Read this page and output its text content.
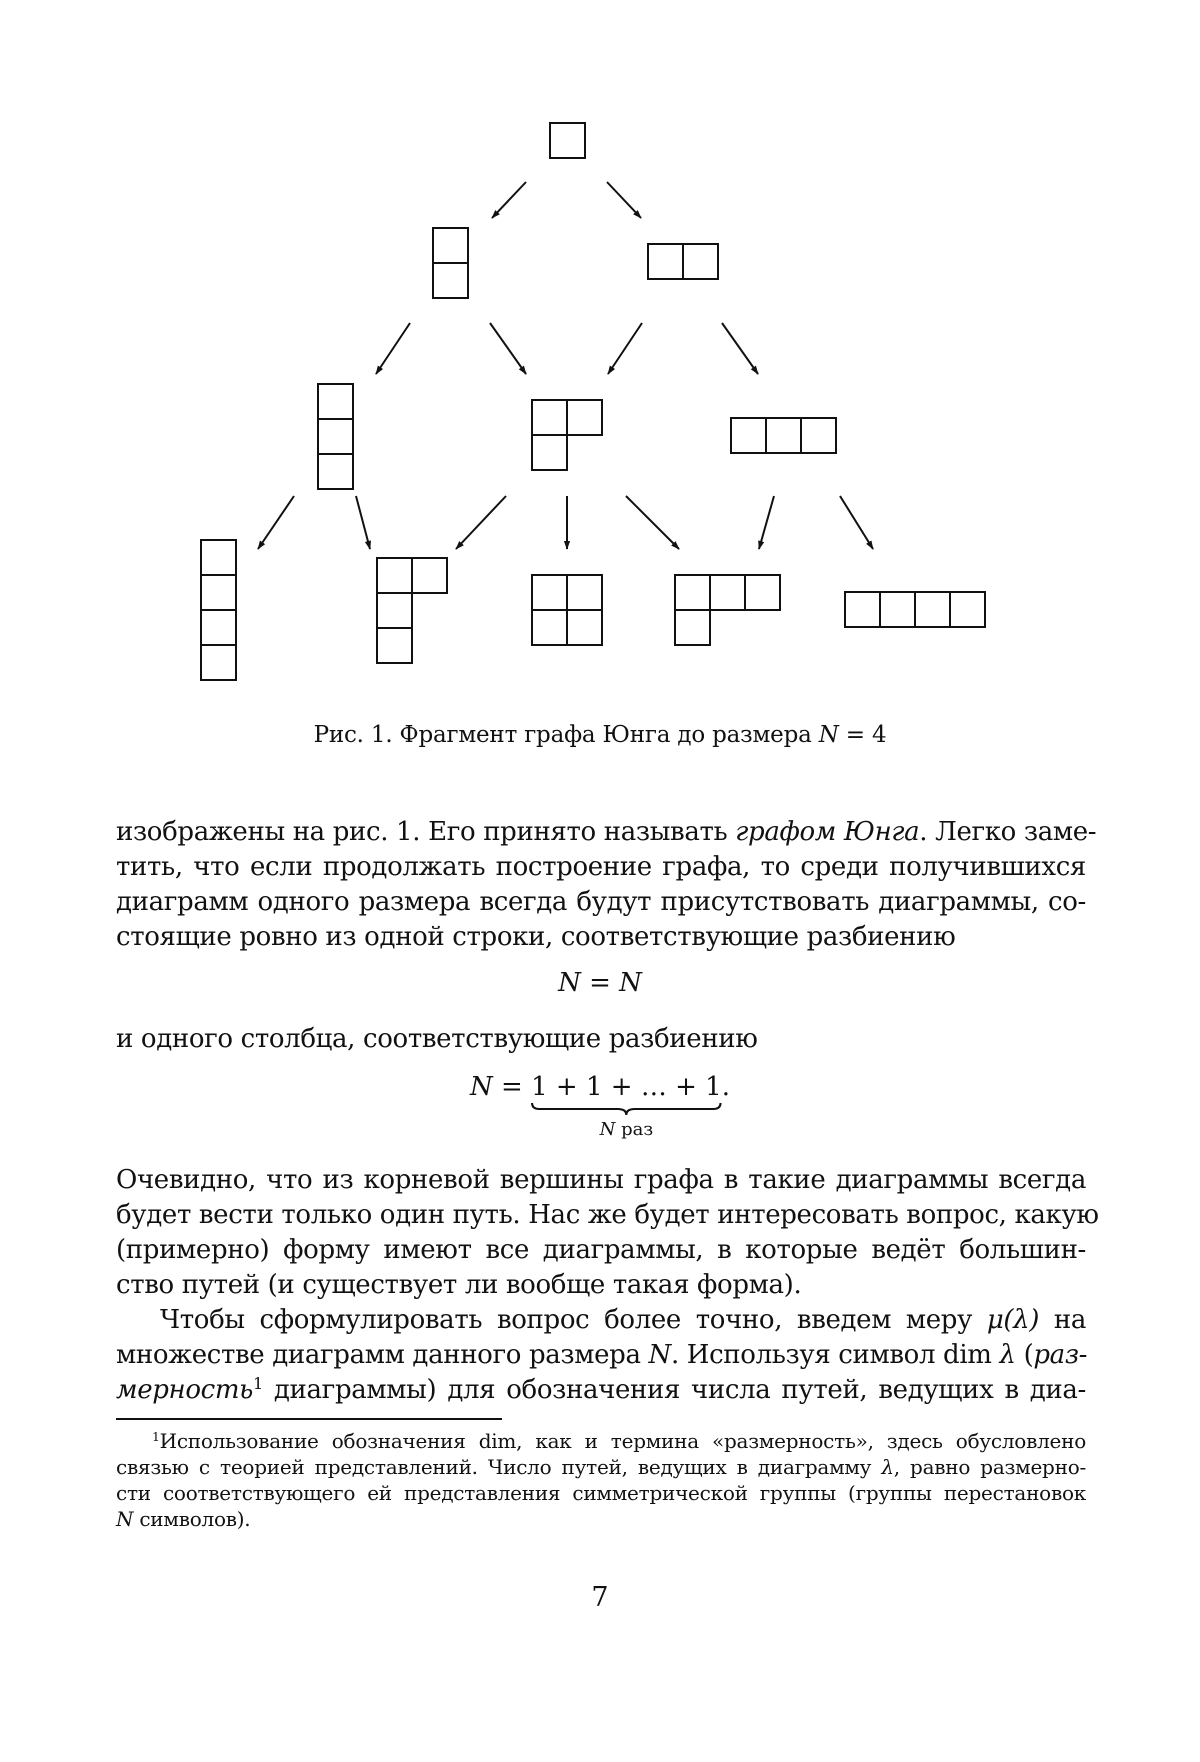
Рис. 1. Фрагмент графа Юнга до размера N = 4
изображены на рис. 1. Его принято называть графом Юнга. Легко заме-
тить, что если продолжать построение графа, то среди получившихся
диаграмм одного размера всегда будут присутствовать диаграммы, со-
стоящие ровно из одной строки, соответствующие разбиению
N = N
и одного столбца, соответствующие разбиению
N = 1 + 1 + … + 1
N раз
.
Очевидно, что из корневой вершины графа в такие диаграммы всегда
будет вести только один путь. Нас же будет интересовать вопрос, какую
(примерно) форму имеют все диаграммы, в которые ведёт большин-
ство путей (и существует ли вообще такая форма).
Чтобы сформулировать вопрос более точно, введем меру μ(λ) на
множестве диаграмм данного размера N. Используя символ dim λ (раз-
мерность$^1$ диаграммы) для обозначения числа путей, ведущих в диа-
$^1$Использование обозначения dim, как и термина «размерность», здесь обусловлено
связью с теорией представлений. Число путей, ведущих в диаграмму λ, равно размерно-
сти соответствующего ей представления симметрической группы (группы перестановок
N символов).
7
